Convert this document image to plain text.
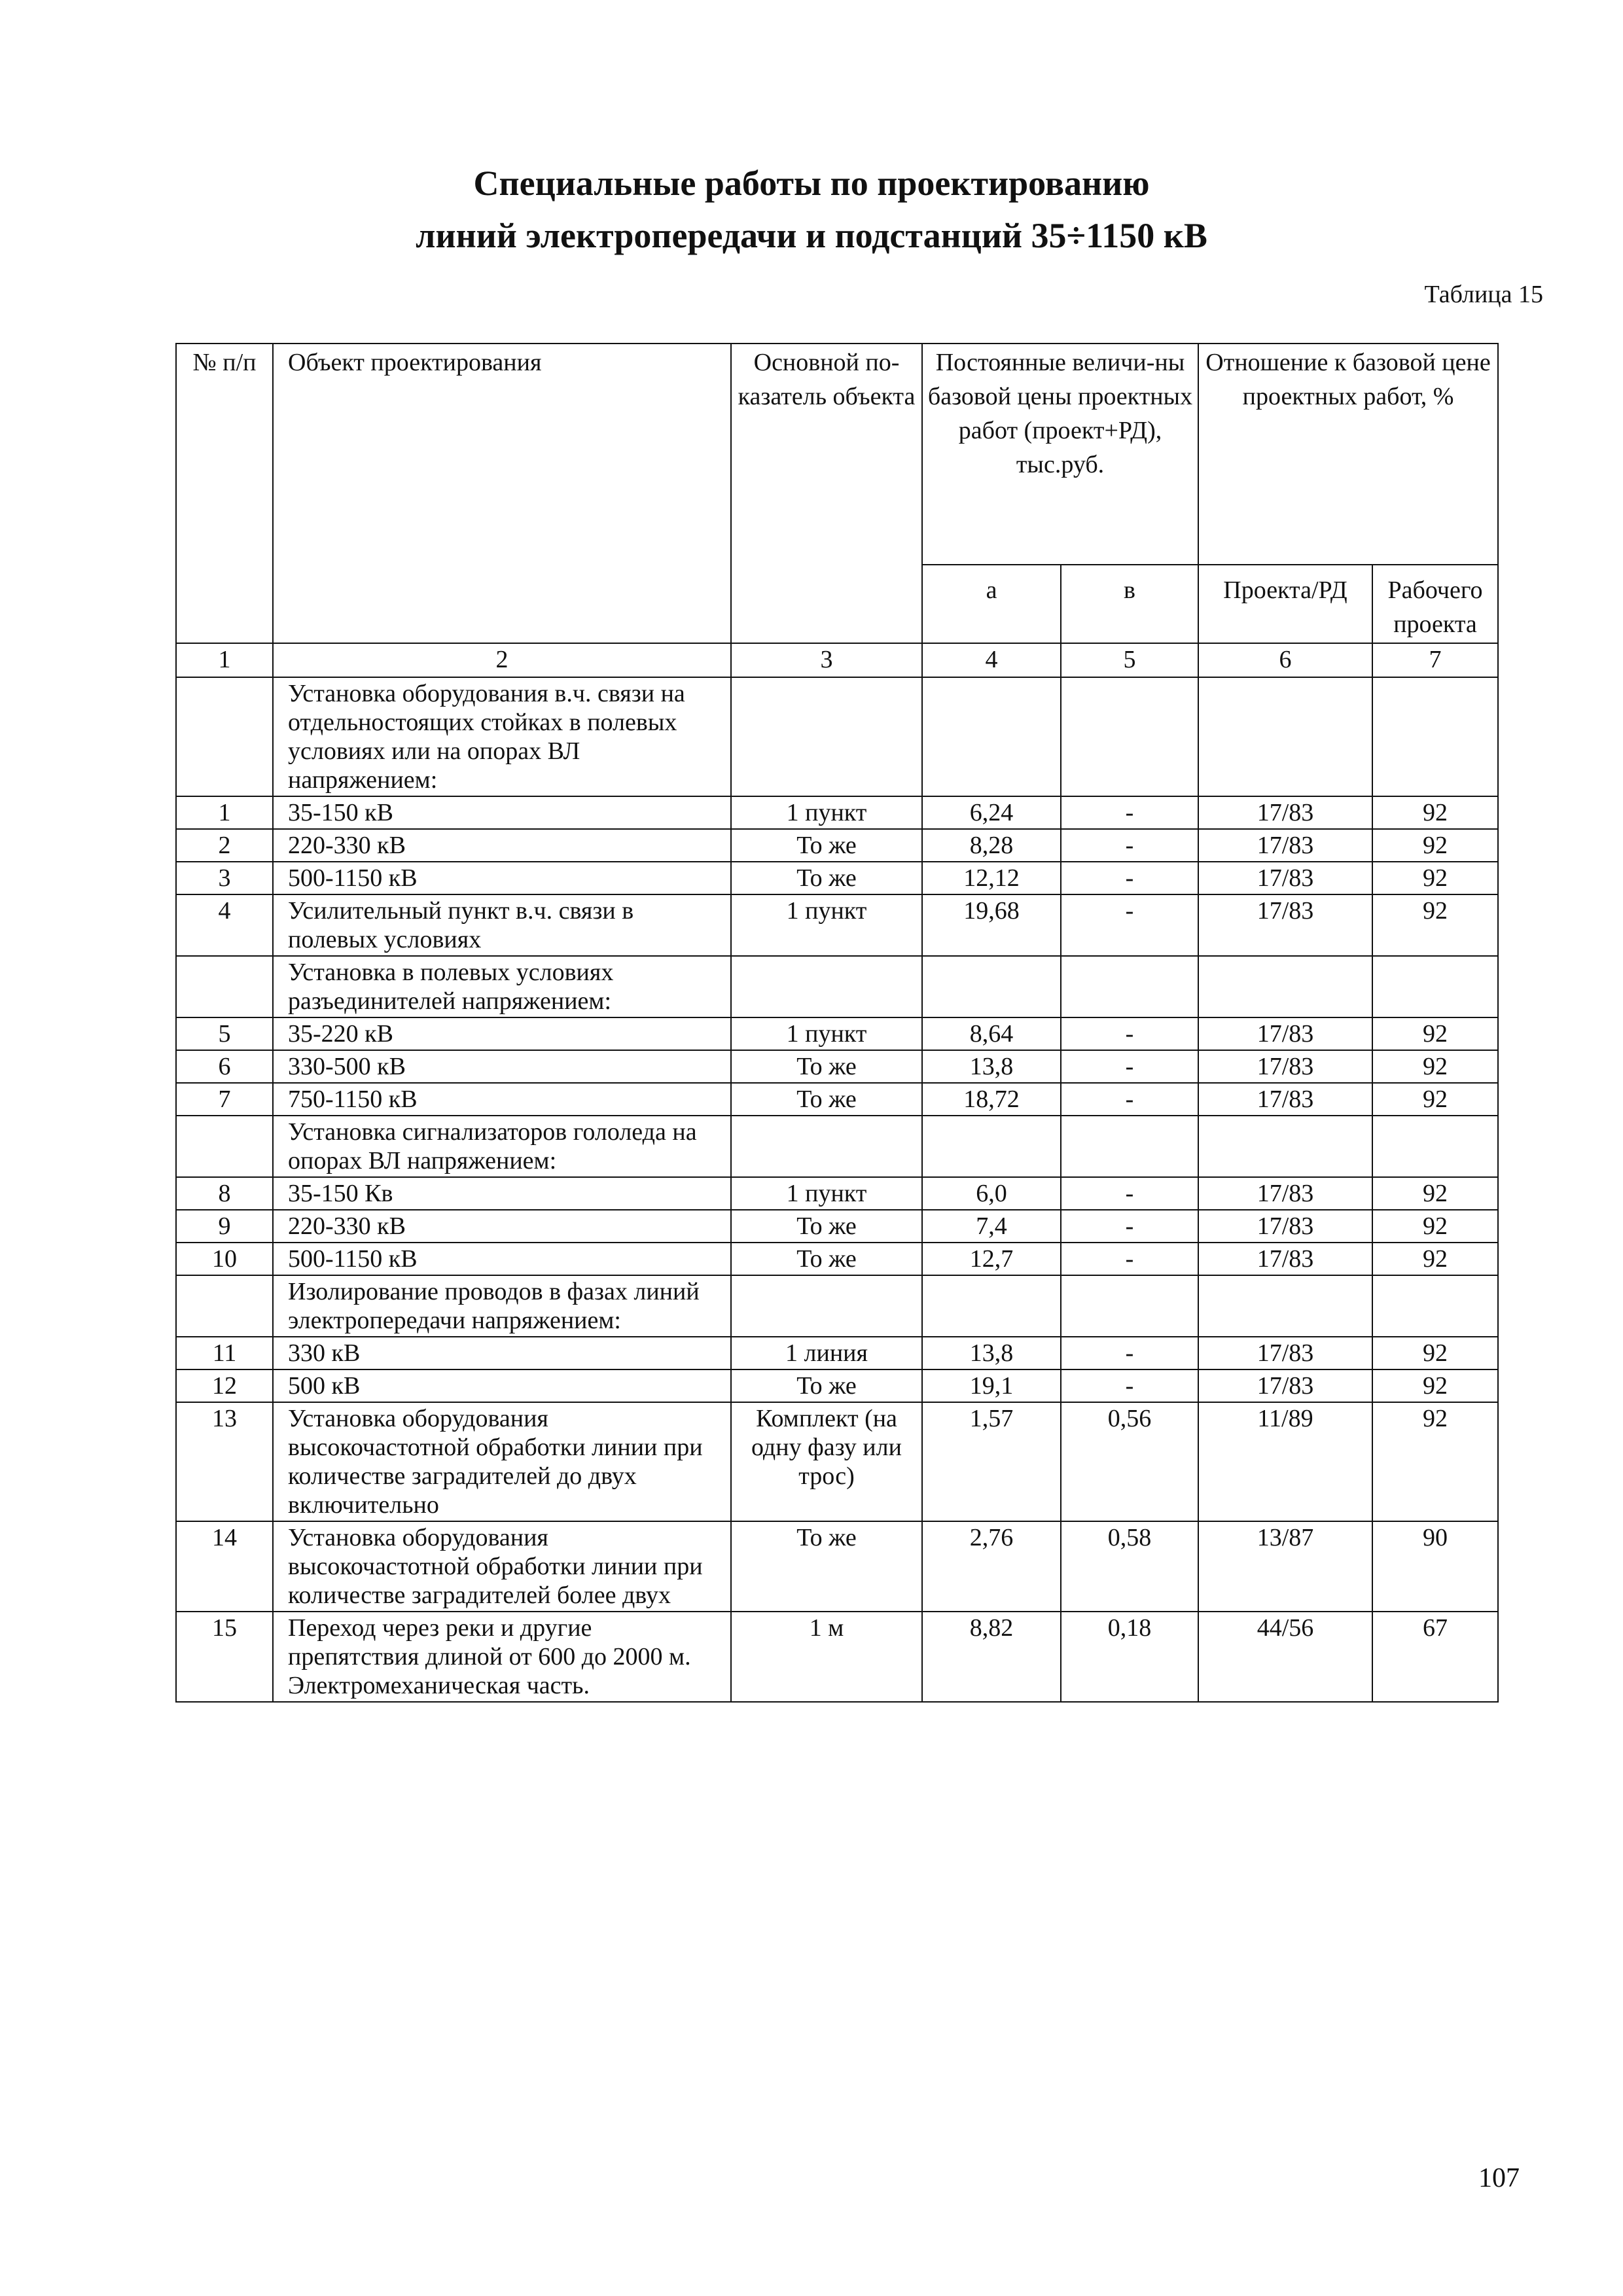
Специальные работы по проектированию
линий электропередачи и подстанций 35÷1150 кВ
Таблица 15
№ п/п	Объект проектирования	Основной по-казатель объекта	Постоянные величи-ны базовой цены проектных работ (проект+РД), тыс.руб.		Отношение к базовой цене проектных работ, %	
			а	в	Проекта/РД	Рабочего проекта
1	2	3	4	5	6	7
	Установка оборудования в.ч. связи на отдельностоящих стойках в полевых условиях или на опорах ВЛ напряжением:					
1	35-150 кВ	1 пункт	6,24	-	17/83	92
2	220-330 кВ	То же	8,28	-	17/83	92
3	500-1150 кВ	То же	12,12	-	17/83	92
4	Усилительный пункт в.ч. связи в полевых условиях	1 пункт	19,68	-	17/83	92
	Установка в полевых условиях разъединителей напряжением:					
5	35-220 кВ	1 пункт	8,64	-	17/83	92
6	330-500 кВ	То же	13,8	-	17/83	92
7	750-1150 кВ	То же	18,72	-	17/83	92
	Установка сигнализаторов гололеда на опорах ВЛ напряжением:					
8	35-150 Кв	1 пункт	6,0	-	17/83	92
9	220-330 кВ	То же	7,4	-	17/83	92
10	500-1150 кВ	То же	12,7	-	17/83	92
	Изолирование проводов в фазах линий электропередачи напряжением:					
11	330 кВ	1 линия	13,8	-	17/83	92
12	500 кВ	То же	19,1	-	17/83	92
13	Установка оборудования высокочастотной обработки линии при количестве заградителей до двух включительно	Комплект (на одну фазу или трос)	1,57	0,56	11/89	92
14	Установка оборудования высокочастотной обработки линии при количестве заградителей более двух	То же	2,76	0,58	13/87	90
15	Переход через реки и другие препятствия длиной от 600 до 2000 м. Электромеханическая часть.	1 м	8,82	0,18	44/56	67
107
